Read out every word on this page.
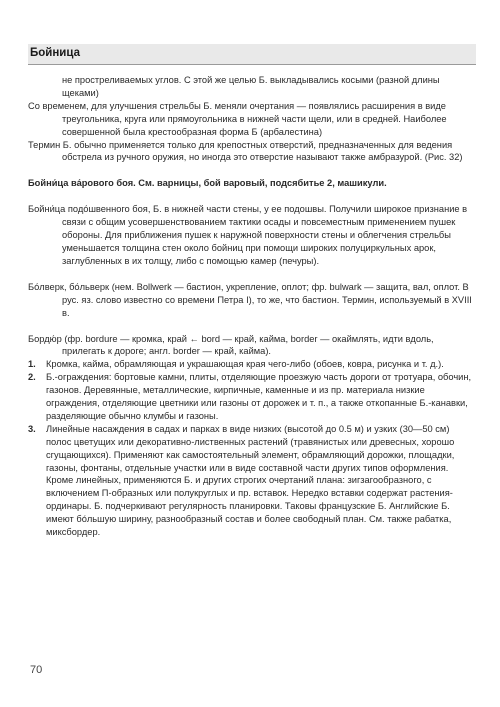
Бойница

не простреливаемых углов. С этой же целью Б. выкладывались косыми (разной длины щеками)

Со временем, для улучшения стрельбы Б. меняли очертания — появлялись расширения в виде треугольника, круга или прямоугольника в нижней части щели, или в средней. Наиболее совершенной была крестообразная форма Б (арбалестина)

Термин Б. обычно применяется только для крепостных отверстий, предназначенных для ведения обстрела из ручного оружия, но иногда это отверстие называют также амбразурой. (Рис. 32)

Бойни́ца ва́рового боя. См. варницы, бой варовый, подсябитье 2, машикули.

Бойни́ца подо́швенного боя, Б. в нижней части стены, у ее подошвы. Получили широкое признание в связи с общим усовершенствованием тактики осады и повсеместным применением пушек обороны. Для приближения пушек к наружной поверхности стены и облегчения стрельбы уменьшается толщина стен около бойниц при помощи широких полуциркульных арок, заглубленных в их толщу, либо с помощью камер (печуры).

Бо́лверк, бо́льверк (нем. Bollwerk — бастион, укрепление, оплот; фр. bulwark — защита, вал, оплот. В рус. яз. слово известно со времени Петра I), то же, что бастион. Термин, используемый в XVIII в.

Бордю́р (фр. bordure — кромка, край ← bord — край, кайма, border — окаймлять, идти вдоль, прилегать к дороге; англ. border — край, кайма).

1. Кромка, кайма, обрамляющая и украшающая края чего-либо (обоев, ковра, рисунка и т. д.).
2. Б.-ограждения: бортовые камни, плиты, отделяющие проезжую часть дороги от тротуара, обочин, газонов. Деревянные, металлические, кирпичные, каменные и из пр. материала низкие ограждения, отделяющие цветники или газоны от дорожек и т. п., а также откопанные Б.-канавки, разделяющие обычно клумбы и газоны.
3. Линейные насаждения в садах и парках в виде низких (высотой до 0.5 м) и узких (30—50 см) полос цветущих или декоративно-лиственных растений (травянистых или древесных, хорошо сгущающихся). Применяют как самостоятельный элемент, обрамляющий дорожки, площадки, газоны, фонтаны, отдельные участки или в виде составной части других типов оформления. Кроме линейных, применяются Б. и других строгих очертаний плана: зигзагообразного, с включением П-образных или полукруглых и пр. вставок. Нередко вставки содержат растения-ординары. Б. подчеркивают регулярность планировки. Таковы французские Б. Английские Б. имеют бóльшую ширину, разнообразный состав и более свободный план. См. также рабатка, миксбордер.
70
